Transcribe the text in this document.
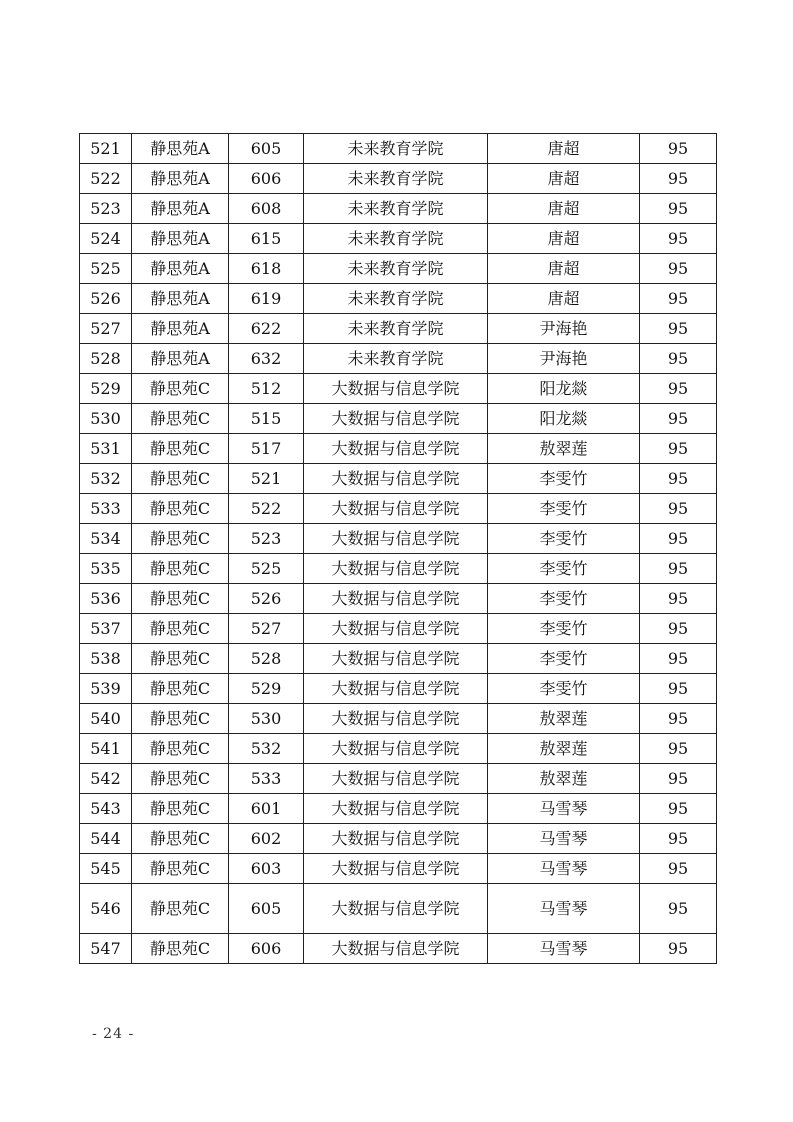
521	静思苑A	605	未来教育学院	唐超	95
522	静思苑A	606	未来教育学院	唐超	95
523	静思苑A	608	未来教育学院	唐超	95
524	静思苑A	615	未来教育学院	唐超	95
525	静思苑A	618	未来教育学院	唐超	95
526	静思苑A	619	未来教育学院	唐超	95
527	静思苑A	622	未来教育学院	尹海艳	95
528	静思苑A	632	未来教育学院	尹海艳	95
529	静思苑C	512	大数据与信息学院	阳龙燚	95
530	静思苑C	515	大数据与信息学院	阳龙燚	95
531	静思苑C	517	大数据与信息学院	敖翠莲	95
532	静思苑C	521	大数据与信息学院	李雯竹	95
533	静思苑C	522	大数据与信息学院	李雯竹	95
534	静思苑C	523	大数据与信息学院	李雯竹	95
535	静思苑C	525	大数据与信息学院	李雯竹	95
536	静思苑C	526	大数据与信息学院	李雯竹	95
537	静思苑C	527	大数据与信息学院	李雯竹	95
538	静思苑C	528	大数据与信息学院	李雯竹	95
539	静思苑C	529	大数据与信息学院	李雯竹	95
540	静思苑C	530	大数据与信息学院	敖翠莲	95
541	静思苑C	532	大数据与信息学院	敖翠莲	95
542	静思苑C	533	大数据与信息学院	敖翠莲	95
543	静思苑C	601	大数据与信息学院	马雪琴	95
544	静思苑C	602	大数据与信息学院	马雪琴	95
545	静思苑C	603	大数据与信息学院	马雪琴	95
546	静思苑C	605	大数据与信息学院	马雪琴	95
547	静思苑C	606	大数据与信息学院	马雪琴	95
- 24 -
